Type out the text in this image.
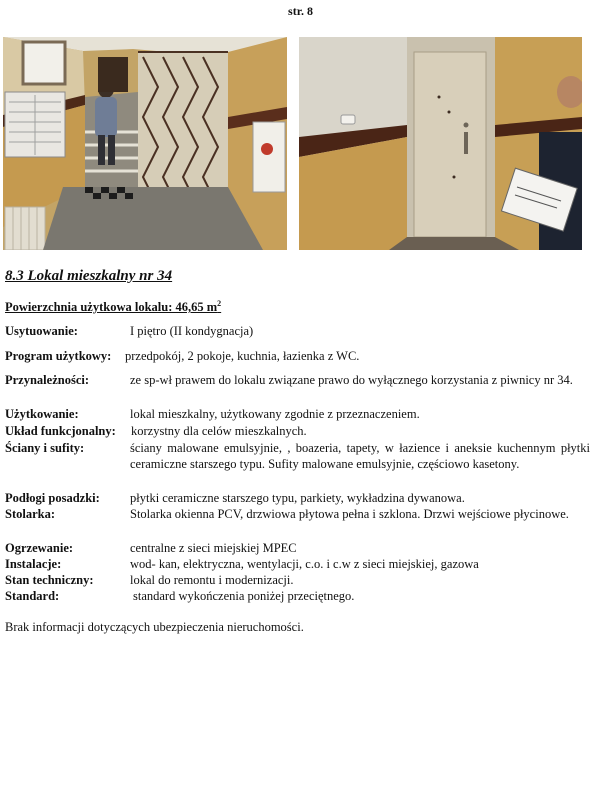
str. 8
8.3 Lokal mieszkalny nr 34
Powierzchnia użytkowa lokalu: 46,65 $m^2$
Usytuowanie:	I piętro (II kondygnacja)
Program użytkowy: przedpokój, 2 pokoje, kuchnia, łazienka z WC.
Przynależności:	ze sp-wł prawem do lokalu związane prawo do wyłącznego korzystania z piwnicy nr 34.
Użytkowanie:	lokal mieszkalny, użytkowany zgodnie z przeznaczeniem.
Układ funkcjonalny: korzystny dla celów mieszkalnych.
Ściany i sufity:	ściany malowane emulsyjnie, , boazeria, tapety, w łazience i aneksie kuchennym płytki ceramiczne starszego typu. Sufity malowane emulsyjnie, częściowo kasetony.
Podłogi posadzki: płytki ceramiczne starszego typu, parkiety, wykładzina dywanowa.
Stolarka:	Stolarka okienna PCV, drzwiowa płytowa pełna i szklona. Drzwi wejściowe płycinowe.
Ogrzewanie:	centralne z sieci miejskiej MPEC
Instalacje:	wod- kan, elektryczna, wentylacji, c.o. i c.w z sieci miejskiej, gazowa
Stan techniczny:	lokal do remontu i modernizacji.
Standard:	standard wykończenia poniżej przeciętnego.
Brak informacji dotyczących ubezpieczenia nieruchomości.
